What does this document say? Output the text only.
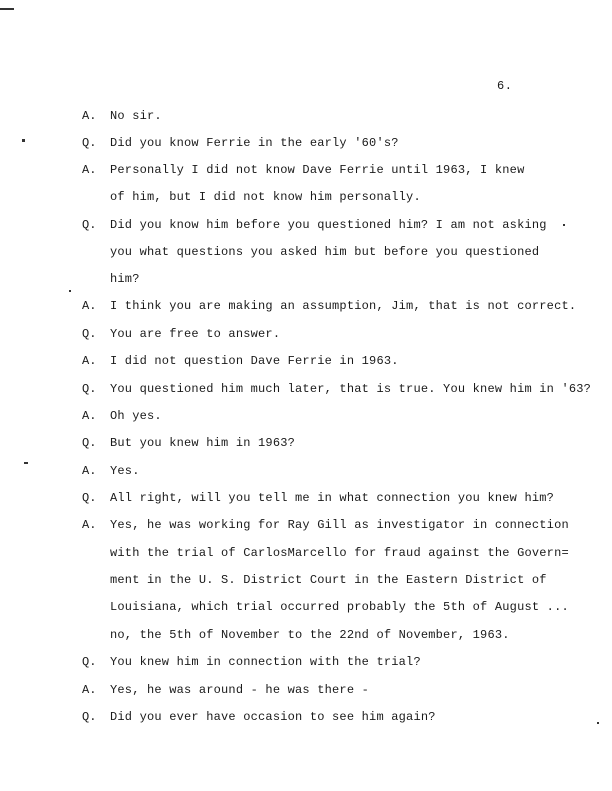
6.
A.	No sir.
Q.	Did you know Ferrie in the early '60's?
A.	Personally I did not know Dave Ferrie until 1963, I knew
of him, but I did not know him personally.
Q.	Did you know him before you questioned him? I am not asking
you what questions you asked him but before you questioned
him?
A.	I think you are making an assumption, Jim, that is not correct.
Q.	You are free to answer.
A.	I did not question Dave Ferrie in 1963.
Q.	You questioned him much later, that is true. You knew him in '63?
A.	Oh yes.
Q.	But you knew him in 1963?
A.	Yes.
Q.	All right, will you tell me in what connection you knew him?
A.	Yes, he was working for Ray Gill as investigator in connection
with the trial of CarlosMarcello for fraud against the Govern=
ment in the U. S. District Court in the Eastern District of
Louisiana, which trial occurred probably the 5th of August ...
no, the 5th of November to the 22nd of November, 1963.
Q.	You knew him in connection with the trial?
A.	Yes, he was around - he was there -
Q.	Did you ever have occasion to see him again?
